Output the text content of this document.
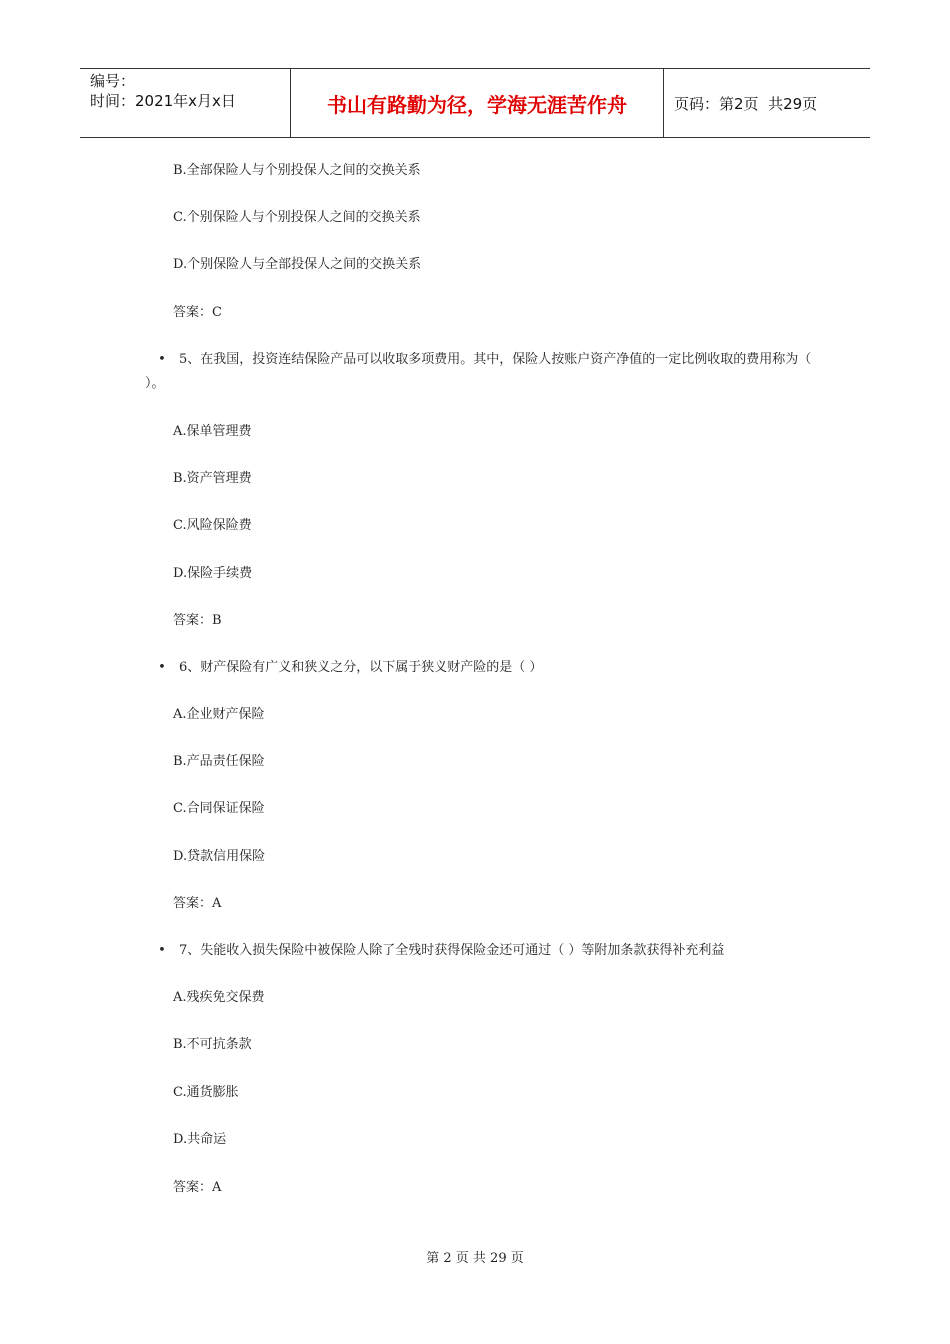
编号：
时间：2021年x月x日	书山有路勤为径，学海无涯苦作舟	页码：第2页  共29页
B.全部保险人与个别投保人之间的交换关系
C.个别保险人与个别投保人之间的交换关系
D.个别保险人与全部投保人之间的交换关系
答案：C
• 5、在我国，投资连结保险产品可以收取多项费用。其中，保险人按账户资产净值的一定比例收取的费用称为（ ）。
A.保单管理费
B.资产管理费
C.风险保险费
D.保险手续费
答案：B
• 6、财产保险有广义和狭义之分，以下属于狭义财产险的是（ ）
A.企业财产保险
B.产品责任保险
C.合同保证保险
D.贷款信用保险
答案：A
• 7、失能收入损失保险中被保险人除了全残时获得保险金还可通过（ ）等附加条款获得补充利益
A.残疾免交保费
B.不可抗条款
C.通货膨胀
D.共命运
答案：A
第 2 页 共 29 页
